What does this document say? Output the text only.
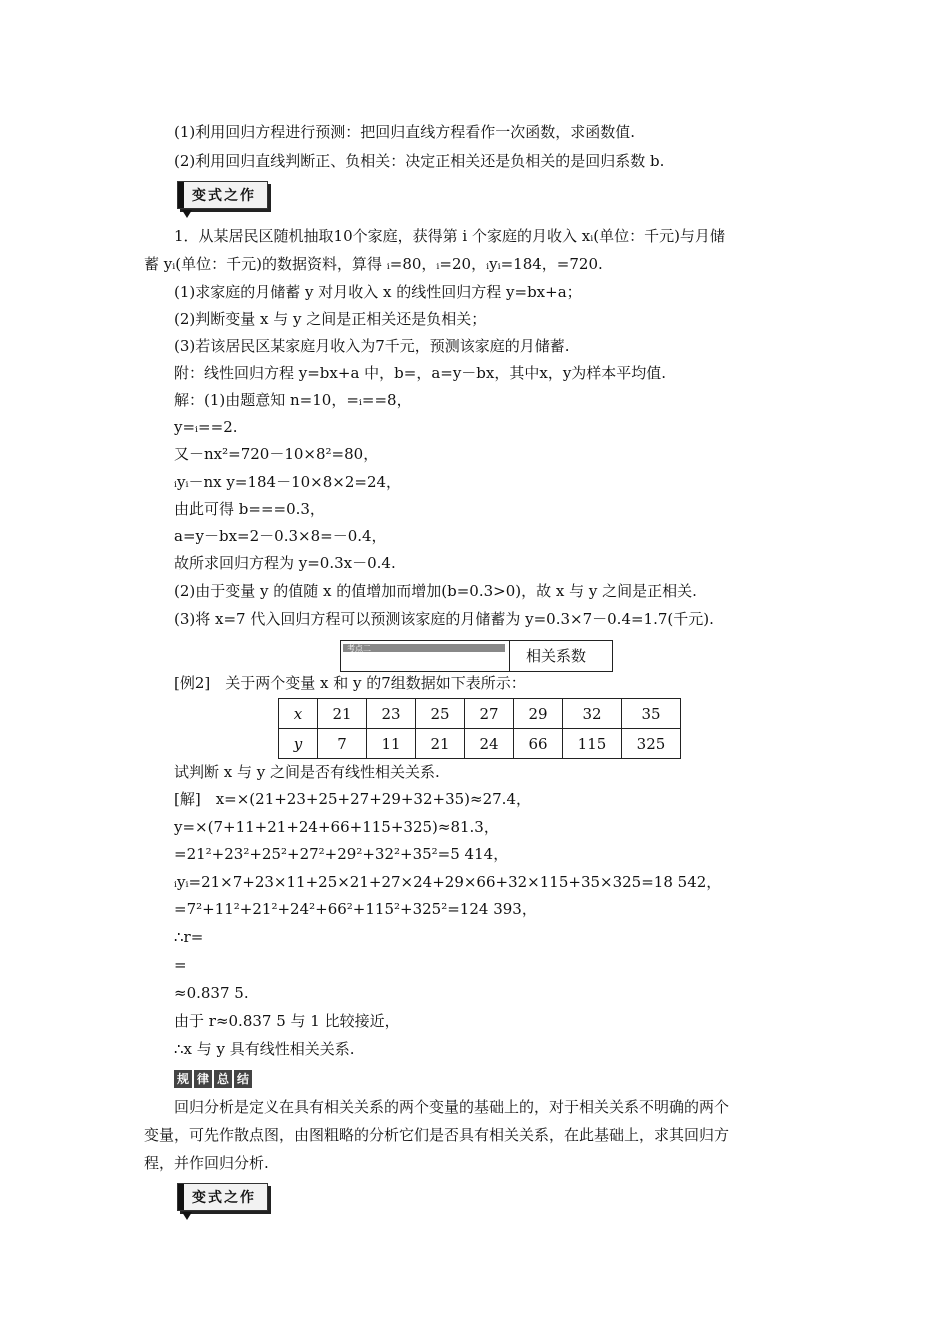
(1)利用回归方程进行预测：把回归直线方程看作一次函数，求函数值.
(2)利用回归直线判断正、负相关：决定正相关还是负相关的是回归系数 b.
变式之作
1．从某居民区随机抽取10个家庭，获得第 i 个家庭的月收入 xᵢ(单位：千元)与月储
蓄 yᵢ(单位：千元)的数据资料，算得 ᵢ=80，ᵢ=20，ᵢyᵢ=184，=720.
(1)求家庭的月储蓄 y 对月收入 x 的线性回归方程 y=bx+a；
(2)判断变量 x 与 y 之间是正相关还是负相关；
(3)若该居民区某家庭月收入为7千元，预测该家庭的月储蓄.
附：线性回归方程 y=bx+a 中，b=，a=y－bx，其中x，y为样本平均值.
解：(1)由题意知 n=10，=ᵢ==8，
y=ᵢ==2.
又－nx²=720－10×8²=80，
ᵢyᵢ－nx y=184－10×8×2=24，
由此可得 b===0.3，
a=y－bx=2－0.3×8=－0.4，
故所求回归方程为 y=0.3x－0.4.
(2)由于变量 y 的值随 x 的值增加而增加(b=0.3>0)，故 x 与 y 之间是正相关.
(3)将 x=7 代入回归方程可以预测该家庭的月储蓄为 y=0.3×7－0.4=1.7(千元).
考点二	相关系数
[例2]　关于两个变量 x 和 y 的7组数据如下表所示：
x	21	23	25	27	29	32	35
y	7	11	21	24	66	115	325
试判断 x 与 y 之间是否有线性相关关系.
[解]　x=×(21+23+25+27+29+32+35)≈27.4，
y=×(7+11+21+24+66+115+325)≈81.3，
=21²+23²+25²+27²+29²+32²+35²=5 414，
ᵢyᵢ=21×7+23×11+25×21+27×24+29×66+32×115+35×325=18 542，
=7²+11²+21²+24²+66²+115²+325²=124 393，
∴r=
=
≈0.837 5.
由于 r≈0.837 5 与 1 比较接近，
∴x 与 y 具有线性相关关系.
规 律 总 结
回归分析是定义在具有相关关系的两个变量的基础上的，对于相关关系不明确的两个
变量，可先作散点图，由图粗略的分析它们是否具有相关关系，在此基础上，求其回归方
程，并作回归分析.
变式之作
